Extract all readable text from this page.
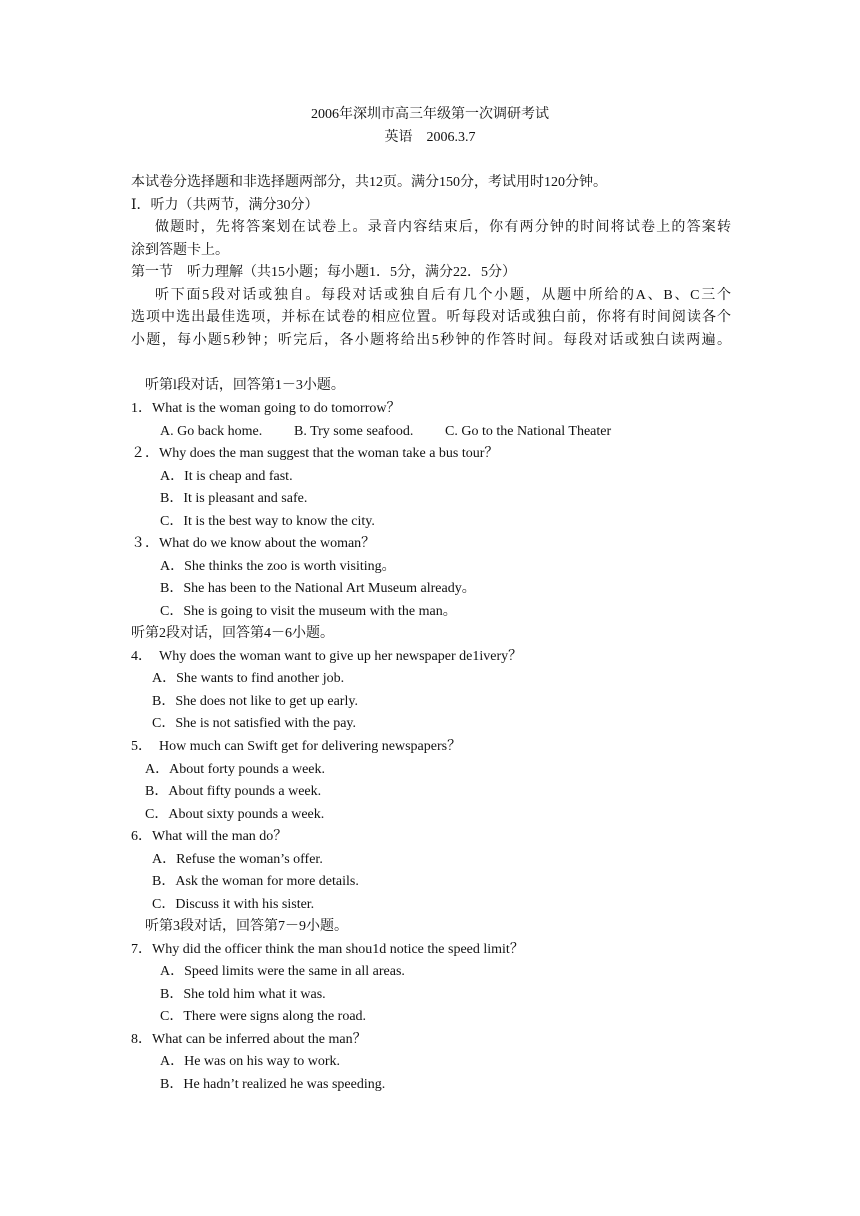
2006年深圳市高三年级第一次调研考试
英语　2006.3.7
本试卷分选择题和非选择题两部分，共12页。满分150分，考试用时120分钟。
Ⅰ．听力（共两节，满分30分）
做题时，先将答案划在试卷上。录音内容结束后，你有两分钟的时间将试卷上的答案转
涂到答题卡上。
第一节　听力理解（共15小题；每小题1．5分，满分22．5分）
听下面5段对话或独自。每段对话或独自后有几个小题，从题中所给的A、B、C三个
选项中选出最佳选项，并标在试卷的相应位置。听每段对话或独白前，你将有时间阅读各个
小题，每小题5秒钟；听完后，各小题将给出5秒钟的作答时间。每段对话或独白读两遍。
听第l段对话，回答第1－3小题。
1．What is the woman going to do tomorrow？
A. Go back home. B. Try some seafood. C. Go to the National Theater
２．Why does the man suggest that the woman take a bus tour？
A．It is cheap and fast.
B．It is pleasant and safe.
C．It is the best way to know the city.
３．What do we know about the woman？
A．She thinks the zoo is worth visiting。
B．She has been to the National Art Museum already。
C．She is going to visit the museum with the man。
听第2段对话，回答第4－6小题。
4．　Why does the woman want to give up her newspaper de1ivery？
A．She wants to find another job.
B．She does not like to get up early.
C．She is not satisfied with the pay.
5．　How much can Swift get for delivering newspapers？
A．About forty pounds a week.
B．About fifty pounds a week.
C．About sixty pounds a week.
6．What will the man do？
A．Refuse the woman’s offer.
B．Ask the woman for more details.
C．Discuss it with his sister.
听第3段对话，回答第7－9小题。
7．Why did the officer think the man shou1d notice the speed limit？
A．Speed limits were the same in all areas.
B．She told him what it was.
C．There were signs along the road.
8．What can be inferred about the man？
A．He was on his way to work.
B．He hadn’t realized he was speeding.
